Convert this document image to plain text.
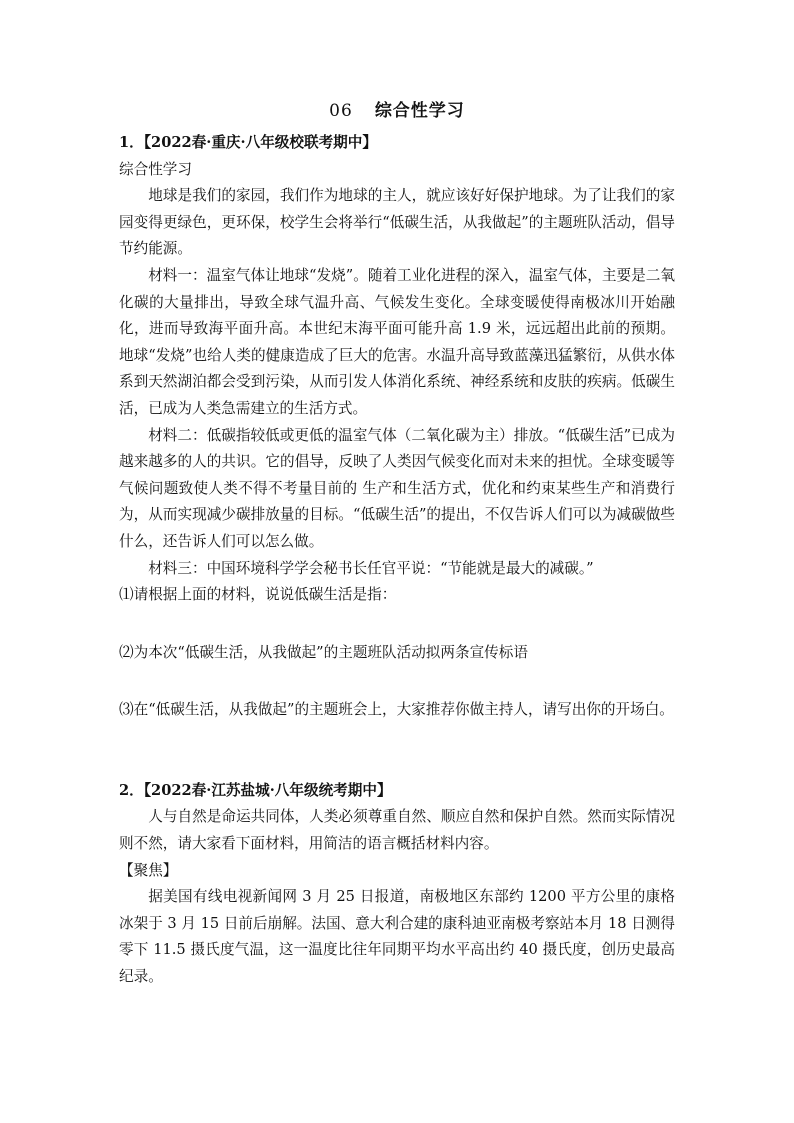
06 综合性学习

1．【2022春·重庆·八年级校联考期中】

综合性学习

地球是我们的家园，我们作为地球的主人，就应该好好保护地球。为了让我们的家园变得更绿色，更环保，校学生会将举行“低碳生活，从我做起”的主题班队活动，倡导节约能源。

材料一：温室气体让地球“发烧”。随着工业化进程的深入，温室气体，主要是二氧化碳的大量排出，导致全球气温升高、气候发生变化。全球变暖使得南极冰川开始融化，进而导致海平面升高。本世纪末海平面可能升高 1.9 米，远远超出此前的预期。地球“发烧”也给人类的健康造成了巨大的危害。水温升高导致蓝藻迅猛繁衍，从供水体系到天然湖泊都会受到污染，从而引发人体消化系统、神经系统和皮肤的疾病。低碳生活，已成为人类急需建立的生活方式。

材料二：低碳指较低或更低的温室气体（二氧化碳为主）排放。“低碳生活”已成为越来越多的人的共识。它的倡导，反映了人类因气候变化而对未来的担忧。全球变暖等气候问题致使人类不得不考量目前的 生产和生活方式，优化和约束某些生产和消费行为，从而实现减少碳排放量的目标。“低碳生活”的提出，不仅告诉人们可以为减碳做些什么，还告诉人们可以怎么做。

材料三：中国环境科学学会秘书长任官平说：“节能就是最大的减碳。”

⑴请根据上面的材料，说说低碳生活是指：

⑵为本次“低碳生活，从我做起”的主题班队活动拟两条宣传标语

⑶在“低碳生活，从我做起”的主题班会上，大家推荐你做主持人，请写出你的开场白。

2．【2022春·江苏盐城·八年级统考期中】

人与自然是命运共同体，人类必须尊重自然、顺应自然和保护自然。然而实际情况则不然，请大家看下面材料，用简洁的语言概括材料内容。

【聚焦】

据美国有线电视新闻网 3 月 25 日报道，南极地区东部约 1200 平方公里的康格冰架于 3 月 15 日前后崩解。法国、意大利合建的康科迪亚南极考察站本月 18 日测得零下 11.5 摄氏度气温，这一温度比往年同期平均水平高出约 40 摄氏度，创历史最高纪录。
